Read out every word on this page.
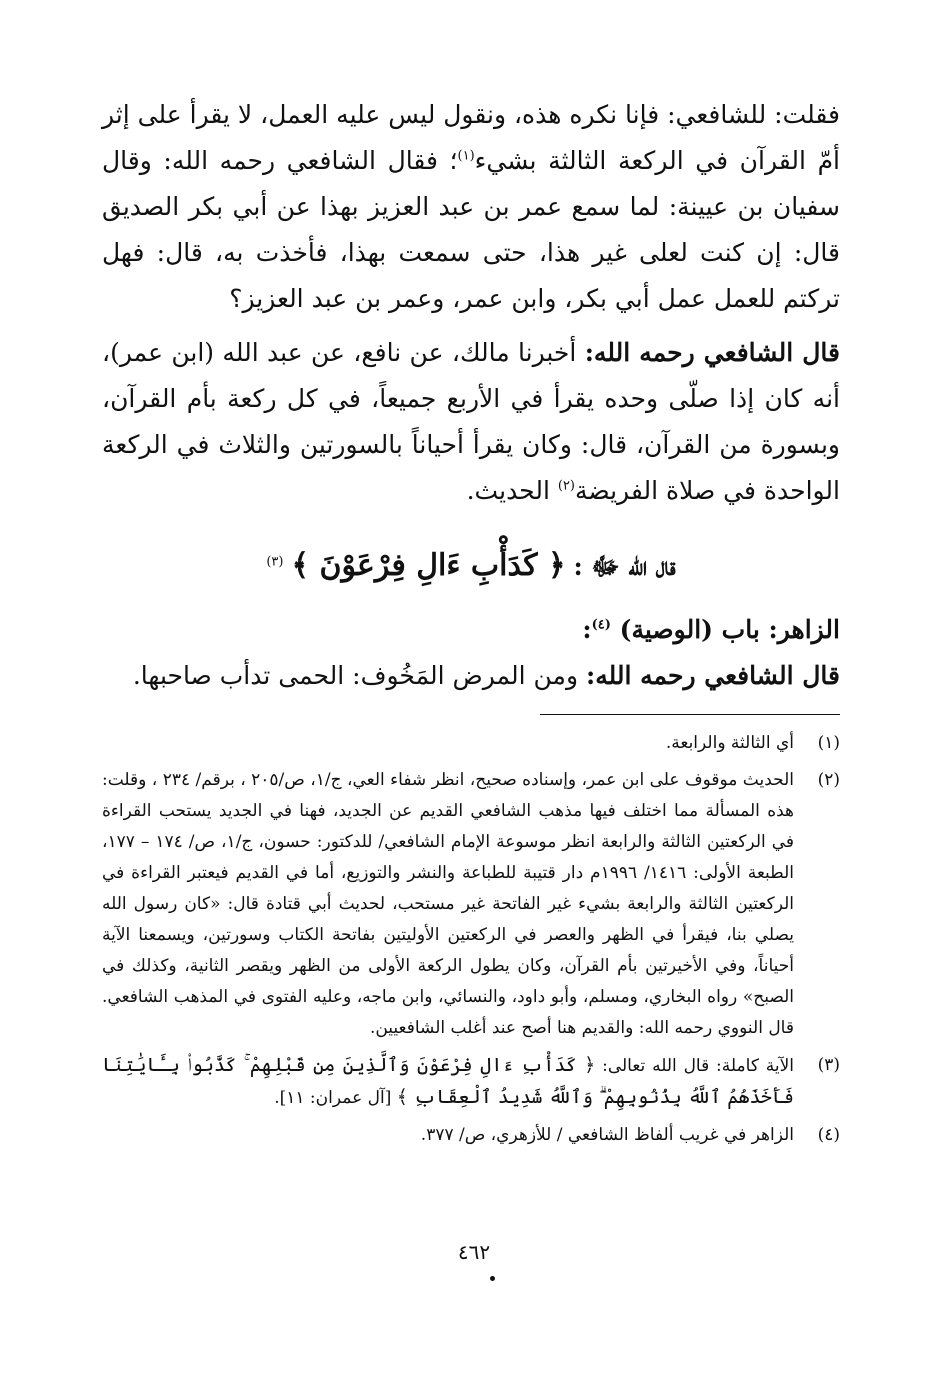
فقلت: للشافعي: فإنا نكره هذه، ونقول ليس عليه العمل، لا يقرأ على إثر أمّ القرآن في الركعة الثالثة بشيء$^{(١)}$؛ فقال الشافعي رحمه الله: وقال سفيان بن عيينة: لما سمع عمر بن عبد العزيز بهذا عن أبي بكر الصديق قال: إن كنت لعلى غير هذا، حتى سمعت بهذا، فأخذت به، قال: فهل تركتم للعمل عمل أبي بكر، وابن عمر، وعمر بن عبد العزيز؟

قال الشافعي رحمه الله: أخبرنا مالك، عن نافع، عن عبد الله (ابن عمر)، أنه كان إذا صلّى وحده يقرأ في الأربع جميعاً، في كل ركعة بأم القرآن، وبسورة من القرآن، قال: وكان يقرأ أحياناً بالسورتين والثلاث في الركعة الواحدة في صلاة الفريضة$^{(٢)}$ الحديث.

قال الله ﷻ : ﴿ كَدَأْبِ ءَالِ فِرْعَوْنَ ﴾ $^{(٣)}$

الزاهر: باب (الوصية) $^{(٤)}$:

قال الشافعي رحمه الله: ومن المرض المَخُوف: الحمى تدأب صاحبها.

(١)
أي الثالثة والرابعة.
(٢)
الحديث موقوف على ابن عمر، وإسناده صحيح، انظر شفاء العي، ج/١، ص/٢٠٥ ، برقم/ ٢٣٤ ، وقلت: هذه المسألة مما اختلف فيها مذهب الشافعي القديم عن الجديد، فهنا في الجديد يستحب القراءة في الركعتين الثالثة والرابعة انظر موسوعة الإمام الشافعي/ للدكتور: حسون، ج/١، ص/ ١٧٤ – ١٧٧، الطبعة الأولى: ١٤١٦/ ١٩٩٦م دار قتيبة للطباعة والنشر والتوزيع، أما في القديم فيعتبر القراءة في الركعتين الثالثة والرابعة بشيء غير الفاتحة غير مستحب، لحديث أبي قتادة قال: «كان رسول الله يصلي بنا، فيقرأ في الظهر والعصر في الركعتين الأوليتين بفاتحة الكتاب وسورتين، ويسمعنا الآية أحياناً، وفي الأخيرتين بأم القرآن، وكان يطول الركعة الأولى من الظهر ويقصر الثانية، وكذلك في الصبح» رواه البخاري، ومسلم، وأبو داود، والنسائي، وابن ماجه، وعليه الفتوى في المذهب الشافعي. قال النووي رحمه الله: والقديم هنا أصح عند أغلب الشافعيين.
(٣)
الآية كاملة: قال الله تعالى: ﴿ كَدَأْبِ ءَالِ فِرْعَوْنَ وَٱلَّذِينَ مِن قَبْلِهِمْ ۚ كَذَّبُوا۟ بِـَٔايَٰتِنَا فَأَخَذَهُمُ ٱللَّهُ بِذُنُوبِهِمْ ۗ وَٱللَّهُ شَدِيدُ ٱلْعِقَابِ ﴾ [آل عمران: ١١].
(٤)
الزاهر في غريب ألفاظ الشافعي / للأزهري، ص/ ٣٧٧.
٤٦٢
